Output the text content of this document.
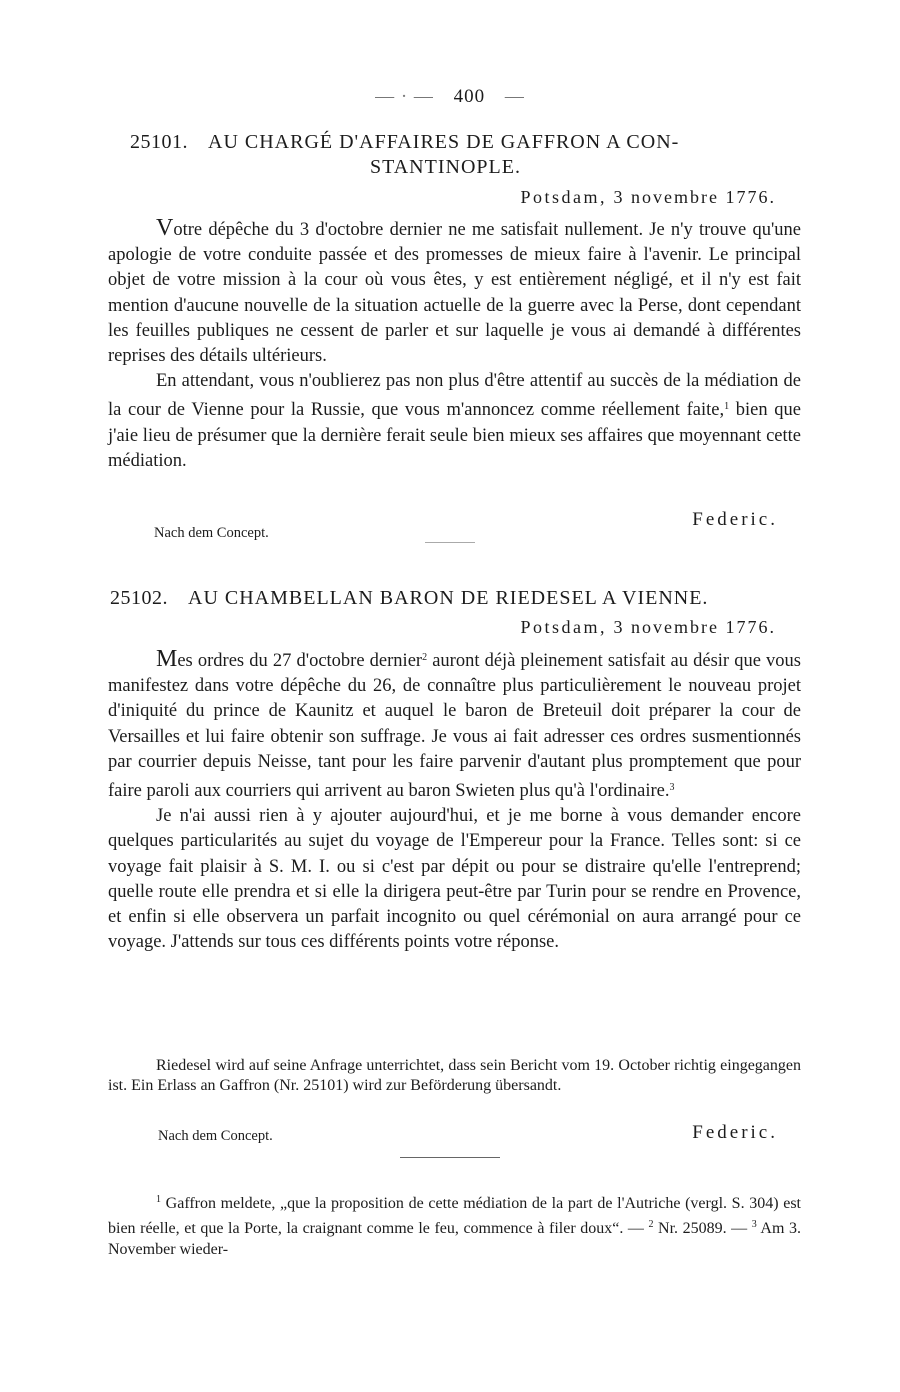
— · — 400 —
25101. AU CHARGÉ D'AFFAIRES DE GAFFRON A CON-
STANTINOPLE.
Potsdam, 3 novembre 1776.

Votre dépêche du 3 d'octobre dernier ne me satisfait nullement. Je n'y trouve qu'une apologie de votre conduite passée et des promesses de mieux faire à l'avenir. Le principal objet de votre mission à la cour où vous êtes, y est entièrement négligé, et il n'y est fait mention d'aucune nouvelle de la situation actuelle de la guerre avec la Perse, dont cependant les feuilles publiques ne cessent de parler et sur laquelle je vous ai demandé à différentes reprises des détails ultérieurs.

En attendant, vous n'oublierez pas non plus d'être attentif au succès de la médiation de la cour de Vienne pour la Russie, que vous m'annoncez comme réellement faite,$^1$ bien que j'aie lieu de présumer que la dernière ferait seule bien mieux ses affaires que moyennant cette médiation.

Federic.
Nach dem Concept.
25102. AU CHAMBELLAN BARON DE RIEDESEL A VIENNE.
Potsdam, 3 novembre 1776.

Mes ordres du 27 d'octobre dernier$^2$ auront déjà pleinement satisfait au désir que vous manifestez dans votre dépêche du 26, de connaître plus particulièrement le nouveau projet d'iniquité du prince de Kaunitz et auquel le baron de Breteuil doit préparer la cour de Versailles et lui faire obtenir son suffrage. Je vous ai fait adresser ces ordres susmentionnés par courrier depuis Neisse, tant pour les faire parvenir d'autant plus promptement que pour faire paroli aux courriers qui arrivent au baron Swieten plus qu'à l'ordinaire.$^3$

Je n'ai aussi rien à y ajouter aujourd'hui, et je me borne à vous demander encore quelques particularités au sujet du voyage de l'Empereur pour la France. Telles sont: si ce voyage fait plaisir à S. M. I. ou si c'est par dépit ou pour se distraire qu'elle l'entreprend; quelle route elle prendra et si elle la dirigera peut-être par Turin pour se rendre en Provence, et enfin si elle observera un parfait incognito ou quel cérémonial on aura arrangé pour ce voyage. J'attends sur tous ces différents points votre réponse.

Riedesel wird auf seine Anfrage unterrichtet, dass sein Bericht vom 19. October richtig eingegangen ist. Ein Erlass an Gaffron (Nr. 25101) wird zur Beförderung übersandt.

Nach dem Concept.	Federic.

$^1$ Gaffron meldete, „que la proposition de cette médiation de la part de l'Autriche (vergl. S. 304) est bien réelle, et que la Porte, la craignant comme le feu, commence à filer doux“. — $^2$ Nr. 25089. — $^3$ Am 3. November wieder-
